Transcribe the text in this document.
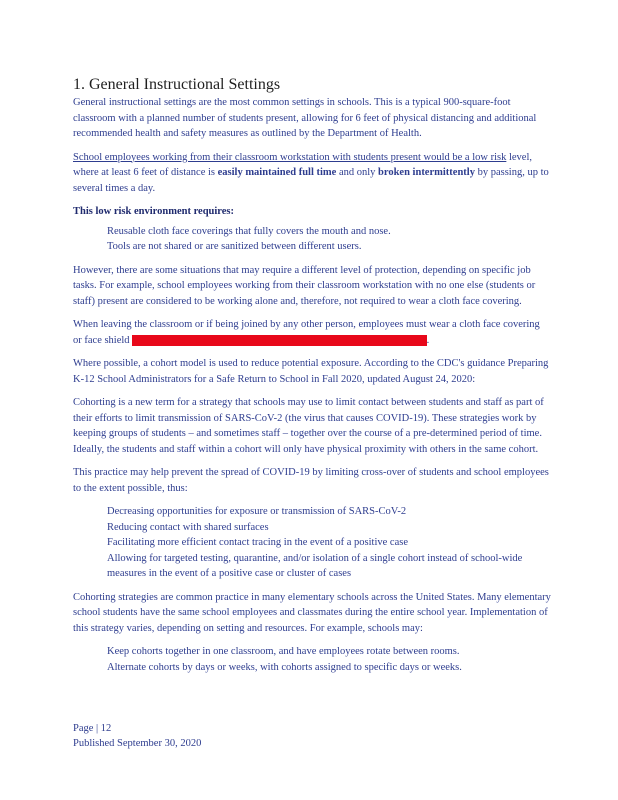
1. General Instructional Settings

General instructional settings are the most common settings in schools. This is a typical 900-square-foot classroom with a planned number of students present, allowing for 6 feet of physical distancing and additional recommended health and safety measures as outlined by the Department of Health.

School employees working from their classroom workstation with students present would be a low risk level, where at least 6 feet of distance is easily maintained full time and only broken intermittently by passing, up to several times a day.

This low risk environment requires:

Reusable cloth face coverings that fully covers the mouth and nose.
Tools are not shared or are sanitized between different users.

However, there are some situations that may require a different level of protection, depending on specific job tasks. For example, school employees working from their classroom workstation with no one else (students or staff) present are considered to be working alone and, therefore, not required to wear a cloth face covering.

When leaving the classroom or if being joined by any other person, employees must wear a cloth face covering or face shield that includes a cloth extension attached to the entire edge of the shield.

Where possible, a cohort model is used to reduce potential exposure. According to the CDC's guidance Preparing K-12 School Administrators for a Safe Return to School in Fall 2020, updated August 24, 2020:

Cohorting is a new term for a strategy that schools may use to limit contact between students and staff as part of their efforts to limit transmission of SARS-CoV-2 (the virus that causes COVID-19). These strategies work by keeping groups of students – and sometimes staff – together over the course of a pre-determined period of time. Ideally, the students and staff within a cohort will only have physical proximity with others in the same cohort.

This practice may help prevent the spread of COVID-19 by limiting cross-over of students and school employees to the extent possible, thus:

Decreasing opportunities for exposure or transmission of SARS-CoV-2
Reducing contact with shared surfaces
Facilitating more efficient contact tracing in the event of a positive case
Allowing for targeted testing, quarantine, and/or isolation of a single cohort instead of school-wide measures in the event of a positive case or cluster of cases

Cohorting strategies are common practice in many elementary schools across the United States. Many elementary school students have the same school employees and classmates during the entire school year. Implementation of this strategy varies, depending on setting and resources. For example, schools may:

Keep cohorts together in one classroom, and have employees rotate between rooms.
Alternate cohorts by days or weeks, with cohorts assigned to specific days or weeks.
Page | 12
Published September 30, 2020
